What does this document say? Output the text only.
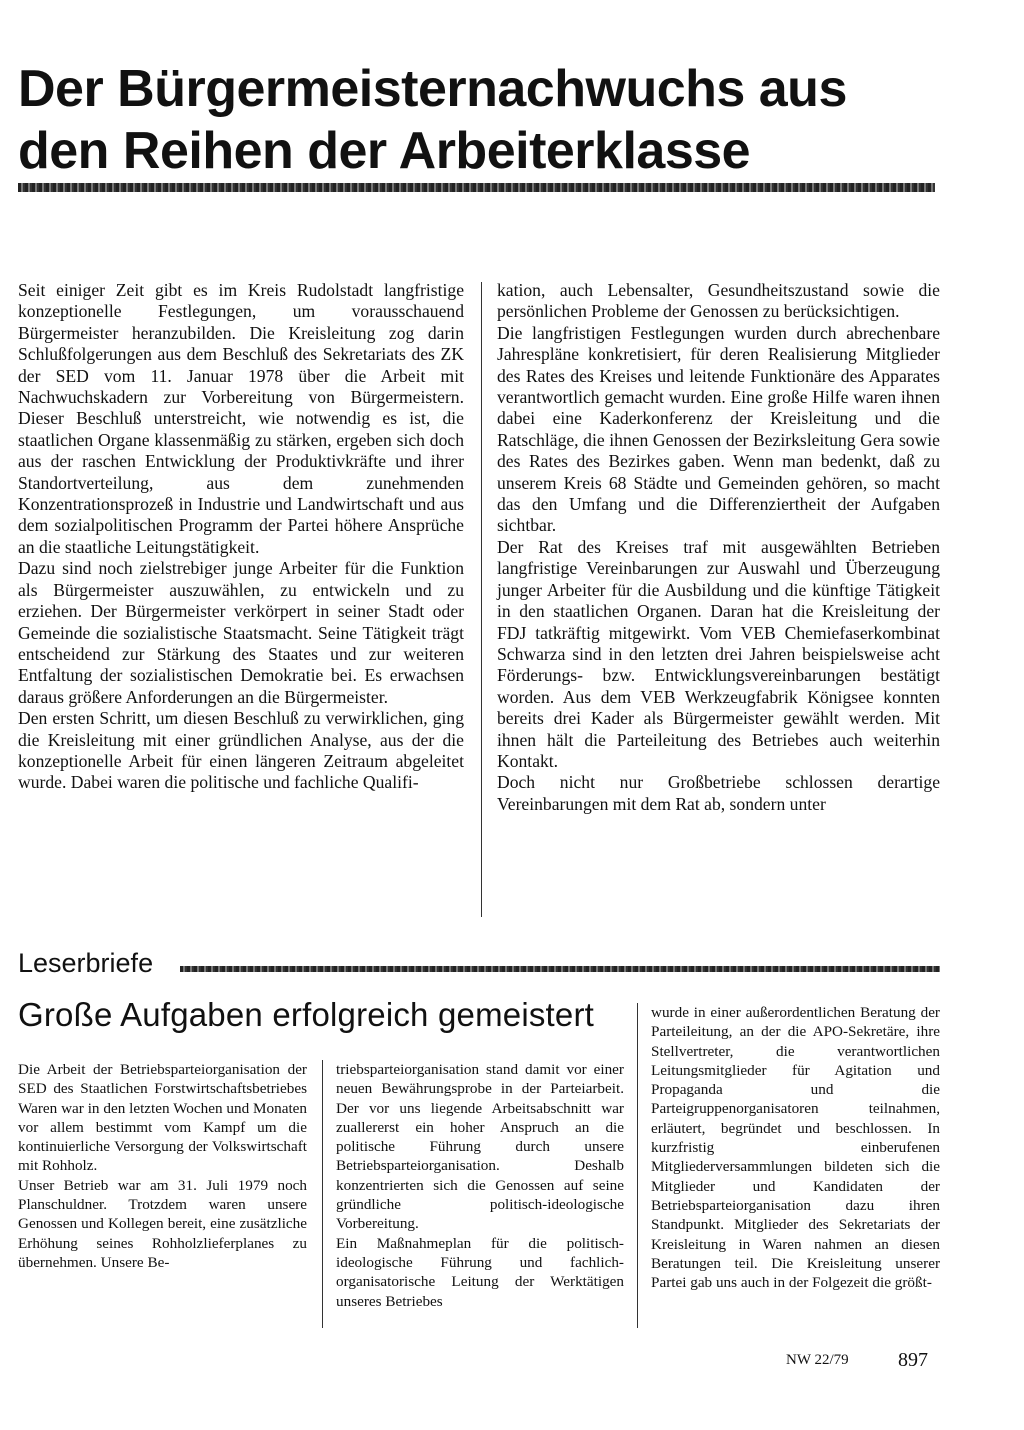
Der Bürgermeisternachwuchs aus
den Reihen der Arbeiterklasse

Seit einiger Zeit gibt es im Kreis Rudolstadt langfristige konzeptionelle Festlegungen, um vorausschauend Bürgermeister heranzubilden. Die Kreisleitung zog darin Schlußfolgerungen aus dem Beschluß des Sekretariats des ZK der SED vom 11. Januar 1978 über die Arbeit mit Nachwuchskadern zur Vorbereitung von Bürgermeistern. Dieser Beschluß unterstreicht, wie notwendig es ist, die staatlichen Organe klassenmäßig zu stärken, ergeben sich doch aus der raschen Entwicklung der Produktivkräfte und ihrer Standortverteilung, aus dem zunehmenden Konzentrationsprozeß in Industrie und Landwirtschaft und aus dem sozialpolitischen Programm der Partei höhere Ansprüche an die staatliche Leitungstätigkeit.

Dazu sind noch zielstrebiger junge Arbeiter für die Funktion als Bürgermeister auszuwählen, zu entwickeln und zu erziehen. Der Bürgermeister verkörpert in seiner Stadt oder Gemeinde die sozialistische Staatsmacht. Seine Tätigkeit trägt entscheidend zur Stärkung des Staates und zur weiteren Entfaltung der sozialistischen Demokratie bei. Es erwachsen daraus größere Anforderungen an die Bürgermeister.

Den ersten Schritt, um diesen Beschluß zu verwirklichen, ging die Kreisleitung mit einer gründlichen Analyse, aus der die konzeptionelle Arbeit für einen längeren Zeitraum abgeleitet wurde. Dabei waren die politische und fachliche Qualifi-

kation, auch Lebensalter, Gesundheitszustand sowie die persönlichen Probleme der Genossen zu berücksichtigen.

Die langfristigen Festlegungen wurden durch abrechenbare Jahrespläne konkretisiert, für deren Realisierung Mitglieder des Rates des Kreises und leitende Funktionäre des Apparates verantwortlich gemacht wurden. Eine große Hilfe waren ihnen dabei eine Kaderkonferenz der Kreisleitung und die Ratschläge, die ihnen Genossen der Bezirksleitung Gera sowie des Rates des Bezirkes gaben. Wenn man bedenkt, daß zu unserem Kreis 68 Städte und Gemeinden gehören, so macht das den Umfang und die Differenziertheit der Aufgaben sichtbar.

Der Rat des Kreises traf mit ausgewählten Betrieben langfristige Vereinbarungen zur Auswahl und Überzeugung junger Arbeiter für die Ausbildung und die künftige Tätigkeit in den staatlichen Organen. Daran hat die Kreisleitung der FDJ tatkräftig mitgewirkt. Vom VEB Chemiefaserkombinat Schwarza sind in den letzten drei Jahren beispielsweise acht Förderungs- bzw. Entwicklungsvereinbarungen bestätigt worden. Aus dem VEB Werkzeugfabrik Königsee konnten bereits drei Kader als Bürgermeister gewählt werden. Mit ihnen hält die Parteileitung des Betriebes auch weiterhin Kontakt.

Doch nicht nur Großbetriebe schlossen derartige Vereinbarungen mit dem Rat ab, sondern unter

Leserbriefe
Große Aufgaben erfolgreich gemeistert

Die Arbeit der Betriebsparteiorganisation der SED des Staatlichen Forstwirtschaftsbetriebes Waren war in den letzten Wochen und Monaten vor allem bestimmt vom Kampf um die kontinuierliche Versorgung der Volkswirtschaft mit Rohholz.

Unser Betrieb war am 31. Juli 1979 noch Planschuldner. Trotzdem waren unsere Genossen und Kollegen bereit, eine zusätzliche Erhöhung seines Rohholzlieferplanes zu übernehmen. Unsere Be-

triebsparteiorganisation stand damit vor einer neuen Bewährungsprobe in der Parteiarbeit. Der vor uns liegende Arbeitsabschnitt war zuallererst ein hoher Anspruch an die politische Führung durch unsere Betriebsparteiorganisation. Deshalb konzentrierten sich die Genossen auf seine gründliche politisch-ideologische Vorbereitung.

Ein Maßnahmeplan für die politisch-ideologische Führung und fachlich-organisatorische Leitung der Werktätigen unseres Betriebes

wurde in einer außerordentlichen Beratung der Parteileitung, an der die APO-Sekretäre, ihre Stellvertreter, die verantwortlichen Leitungsmitglieder für Agitation und Propaganda und die Parteigruppenorganisatoren teilnahmen, erläutert, begründet und beschlossen. In kurzfristig einberufenen Mitgliederversammlungen bildeten sich die Mitglieder und Kandidaten der Betriebsparteiorganisation dazu ihren Standpunkt. Mitglieder des Sekretariats der Kreisleitung in Waren nahmen an diesen Beratungen teil. Die Kreisleitung unserer Partei gab uns auch in der Folgezeit die größt-

NW 22/79 897
